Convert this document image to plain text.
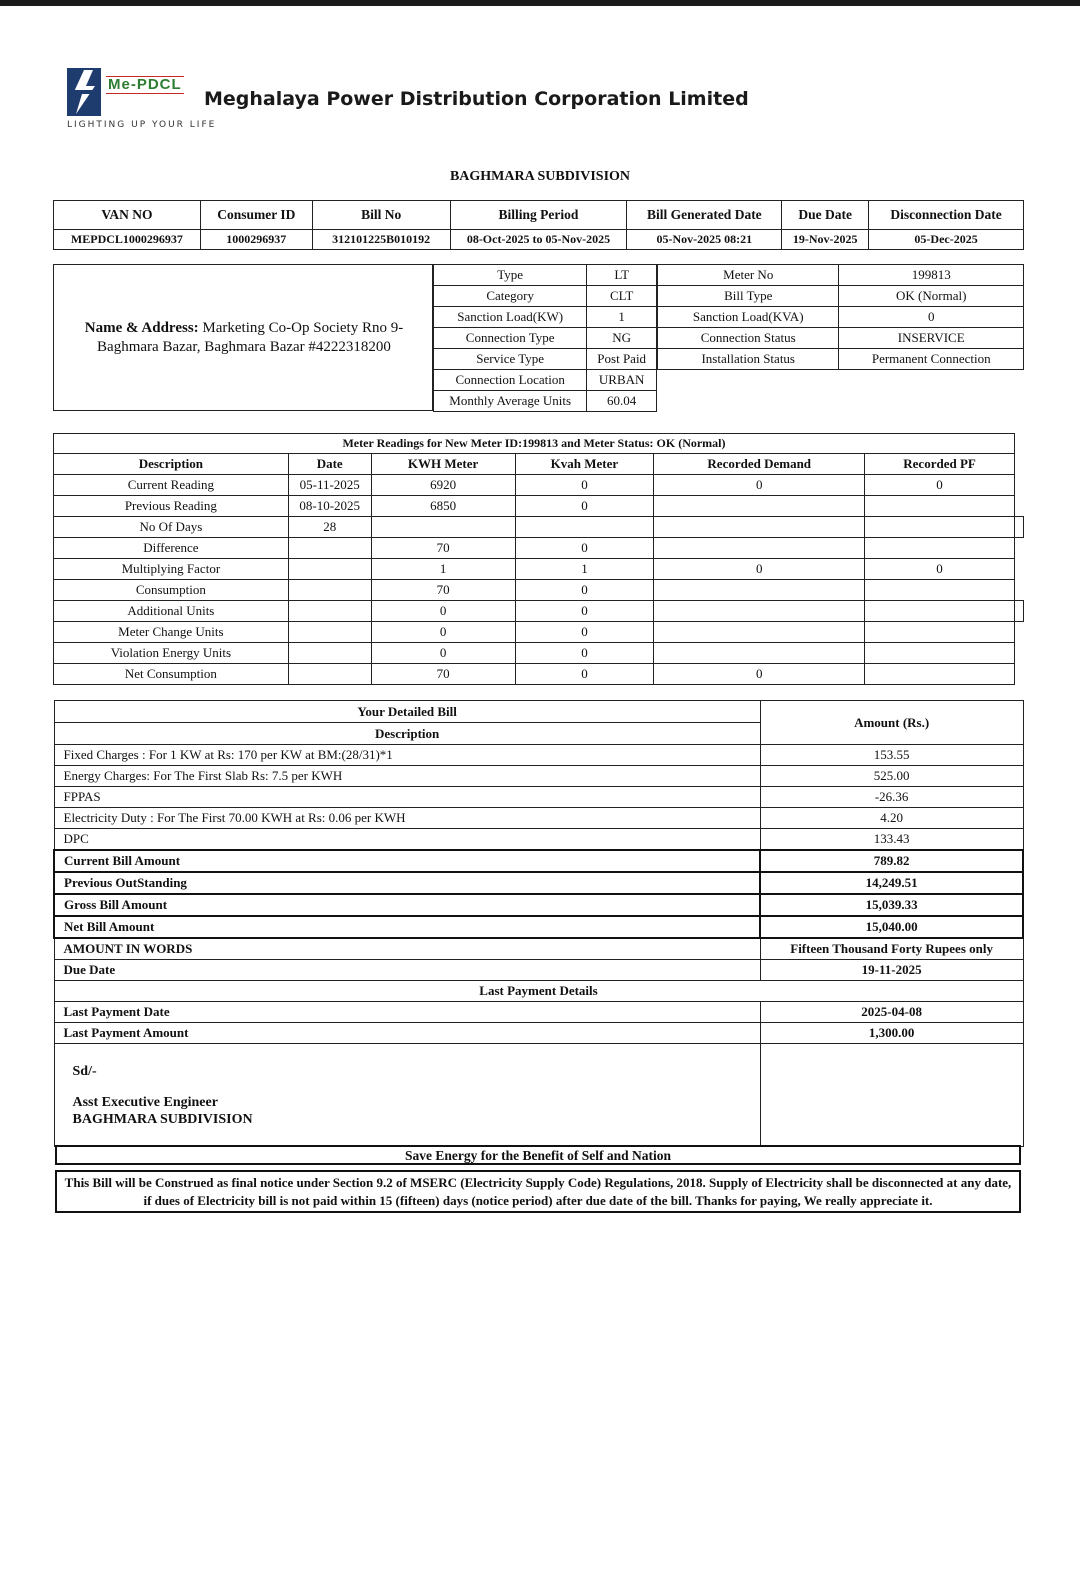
Me-PDCL
LIGHTING UP YOUR LIFE
Meghalaya Power Distribution Corporation Limited
BAGHMARA SUBDIVISION
VAN NO	Consumer ID	Bill No	Billing Period	Bill Generated Date	Due Date	Disconnection Date
MEPDCL1000296937	1000296937	312101225B010192	08-Oct-2025 to 05-Nov-2025	05-Nov-2025 08:21	19-Nov-2025	05-Dec-2025
Name & Address: Marketing Co-Op Society Rno 9-Baghmara Bazar, Baghmara Bazar #4222318200
Type	LT
Category	CLT
Sanction Load(KW)	1
Connection Type	NG
Service Type	Post Paid
Connection Location	URBAN
Monthly Average Units	60.04
Meter No	199813
Bill Type	OK (Normal)
Sanction Load(KVA)	0
Connection Status	INSERVICE
Installation Status	Permanent Connection
Meter Readings for New Meter ID:199813 and Meter Status: OK (Normal)					
Description	Date	KWH Meter	Kvah Meter	Recorded Demand	Recorded PF
Current Reading	05-11-2025	6920	0	0	0
Previous Reading	08-10-2025	6850	0		
No Of Days	28				
Difference		70	0		
Multiplying Factor		1	1	0	0
Consumption		70	0		
Additional Units		0	0		
Meter Change Units		0	0		
Violation Energy Units		0	0		
Net Consumption		70	0	0	
Your Detailed Bill	Amount (Rs.)
Description	
Fixed Charges : For 1 KW at Rs: 170 per KW at BM:(28/31)*1	153.55
Energy Charges: For The First Slab Rs: 7.5 per KWH	525.00
FPPAS	-26.36
Electricity Duty : For The First 70.00 KWH at Rs: 0.06 per KWH	4.20
DPC	133.43
Current Bill Amount	789.82
Previous OutStanding	14,249.51
Gross Bill Amount	15,039.33
Net Bill Amount	15,040.00
AMOUNT IN WORDS	Fifteen Thousand Forty Rupees only
Due Date	19-11-2025
Last Payment Details	
Last Payment Date	2025-04-08
Last Payment Amount	1,300.00

Sd/-
Asst Executive Engineer
BAGHMARA SUBDIVISION	

Save Energy for the Benefit of Self and Nation
This Bill will be Construed as final notice under Section 9.2 of MSERC (Electricity Supply Code) Regulations, 2018. Supply of Electricity shall be disconnected at any date, if dues of Electricity bill is not paid within 15 (fifteen) days (notice period) after due date of the bill. Thanks for paying, We really appreciate it.
